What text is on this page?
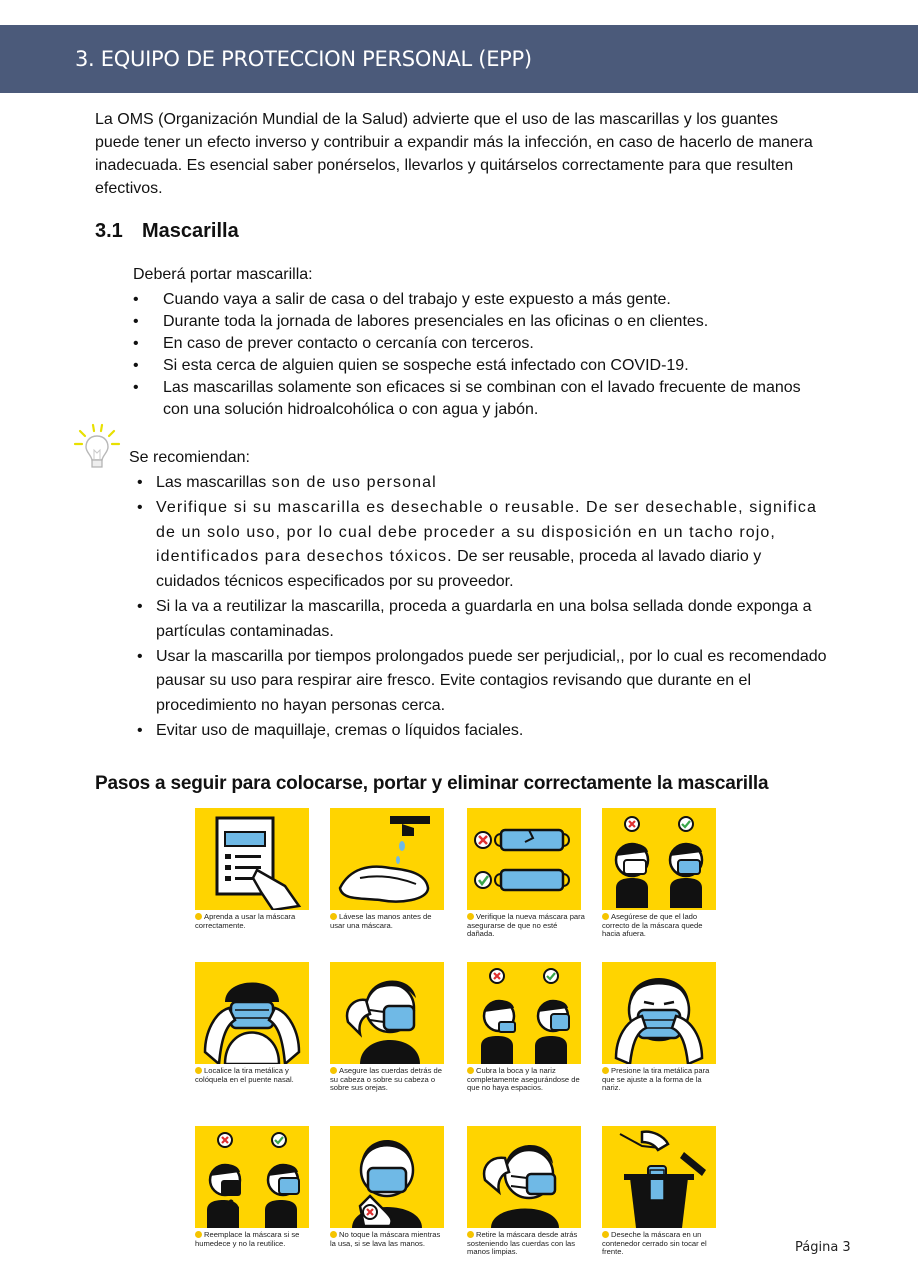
3. EQUIPO DE PROTECCION PERSONAL (EPP)

La OMS (Organización Mundial de la Salud) advierte que el uso de las mascarillas y los guantes puede tener un efecto inverso y contribuir a expandir más la infección, en caso de hacerlo de manera inadecuada. Es esencial saber ponérselos, llevarlos y quitárselos correctamente para que resulten efectivos.

3.1 Mascarilla

Deberá portar mascarilla:

• Cuando vaya a salir de casa o del trabajo y este expuesto a más gente.
• Durante toda la jornada de labores presenciales en las oficinas o en clientes.
• En caso de prever contacto o cercanía con terceros.
• Si esta cerca de alguien quien se sospeche está infectado con COVID-19.
• Las mascarillas solamente son eficaces si se combinan con el lavado frecuente de manos con una solución hidroalcohólica o con agua y jabón.

Se recomiendan:

• Las mascarillas son de uso personal
• Verifique si su mascarilla es desechable o reusable. De ser desechable, significa de un solo uso, por lo cual debe proceder a su disposición en un tacho rojo, identificados para desechos tóxicos. De ser reusable, proceda al lavado diario y cuidados técnicos especificados por su proveedor.
• Si la va a reutilizar la mascarilla, proceda a guardarla en una bolsa sellada donde exponga a partículas contaminadas.
• Usar la mascarilla por tiempos prolongados puede ser perjudicial,, por lo cual es recomendado pausar su uso para respirar aire fresco. Evite contagios revisando que durante en el procedimiento no hayan personas cerca.
• Evitar uso de maquillaje, cremas o líquidos faciales.
Pasos a seguir para colocarse, portar y eliminar correctamente la mascarilla
Aprenda a usar la máscara correctamente.
Lávese las manos antes de usar una máscara.
Verifique la nueva máscara para asegurarse de que no esté dañada.
Asegúrese de que el lado correcto de la máscara quede hacia afuera.
Localice la tira metálica y colóquela en el puente nasal.
Asegure las cuerdas detrás de su cabeza o sobre su cabeza o sobre sus orejas.
Cubra la boca y la nariz completamente asegurándose de que no haya espacios.
Presione la tira metálica para que se ajuste a la forma de la nariz.
Reemplace la máscara si se humedece y no la reutilice.
No toque la máscara mientras la usa, si se lava las manos.
Retire la máscara desde atrás sosteniendo las cuerdas con las manos limpias.
Deseche la máscara en un contenedor cerrado sin tocar el frente.	Página 3
